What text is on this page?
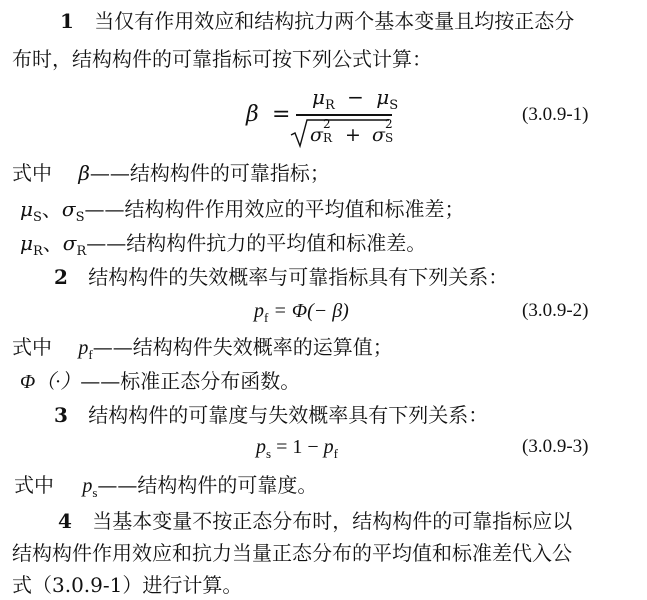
1 当仅有作用效应和结构抗力两个基本变量且均按正态分
布时，结构构件的可靠指标可按下列公式计算：
β =
$\mu_R - \mu_S$
σ 2
R + σ 2
S

(3.0.9-1)
式中 β——结构构件的可靠指标；
$\mu_S$、$\sigma_S——$结构构件作用效应的平均值和标准差；
$\mu_R$、$\sigma_R——$结构构件抗力的平均值和标准差。
2 结构构件的失效概率与可靠指标具有下列关系：
$p_f = \Phi(- \beta)$	(3.0.9-2)
式中 $p_f——$结构构件失效概率的运算值；
Φ（·）——标准正态分布函数。
3 结构构件的可靠度与失效概率具有下列关系：
$p_s = 1 - p_f$	(3.0.9-3)
式中 $p_s——$结构构件的可靠度。
4 当基本变量不按正态分布时，结构构件的可靠指标应以
结构构件作用效应和抗力当量正态分布的平均值和标准差代入公
式（3.0.9-1）进行计算。
